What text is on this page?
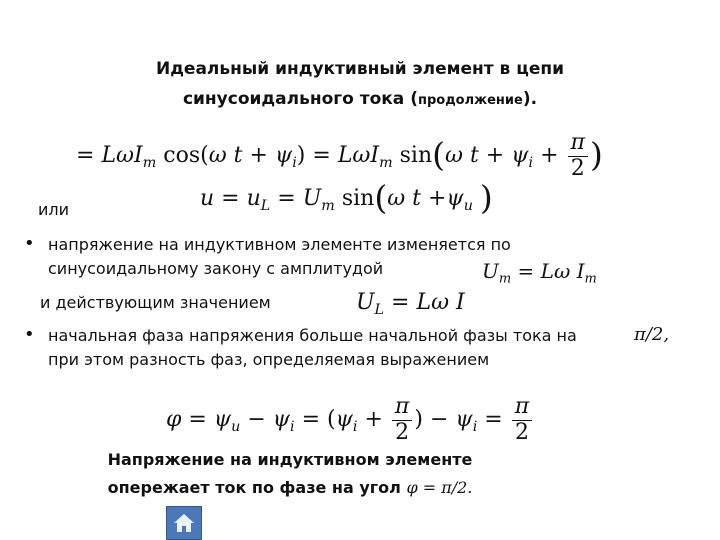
Идеальный индуктивный элемент в цепи
синусоидального тока (продолжение).
= LωI$_m$ cos(ω $t + \psi_i) = L\omega I_m$ sin(ω $t + \psi_i + \frac{\pi}{2}$ )
или	$u = u_L = U_m$ sin(ω $t +\psi_u$ )
• напряжение на индуктивном элементе изменяется по
синусоидальному закону с амплитудой	$U_m = L\omega$ $I_m$
и действующим значением	$U_L = L\omega$ I
• начальная фаза напряжения больше начальной фазы тока на	π/2,
при этом разность фаз, определяемая выражением
$\varphi = \psi_u - \psi_i = (\psi_i + \frac{\pi}{2}$ ) − $\psi_i = \frac{\pi}{2}$
Напряжение на индуктивном элементе
опережает ток по фазе на угол φ = π/2.
